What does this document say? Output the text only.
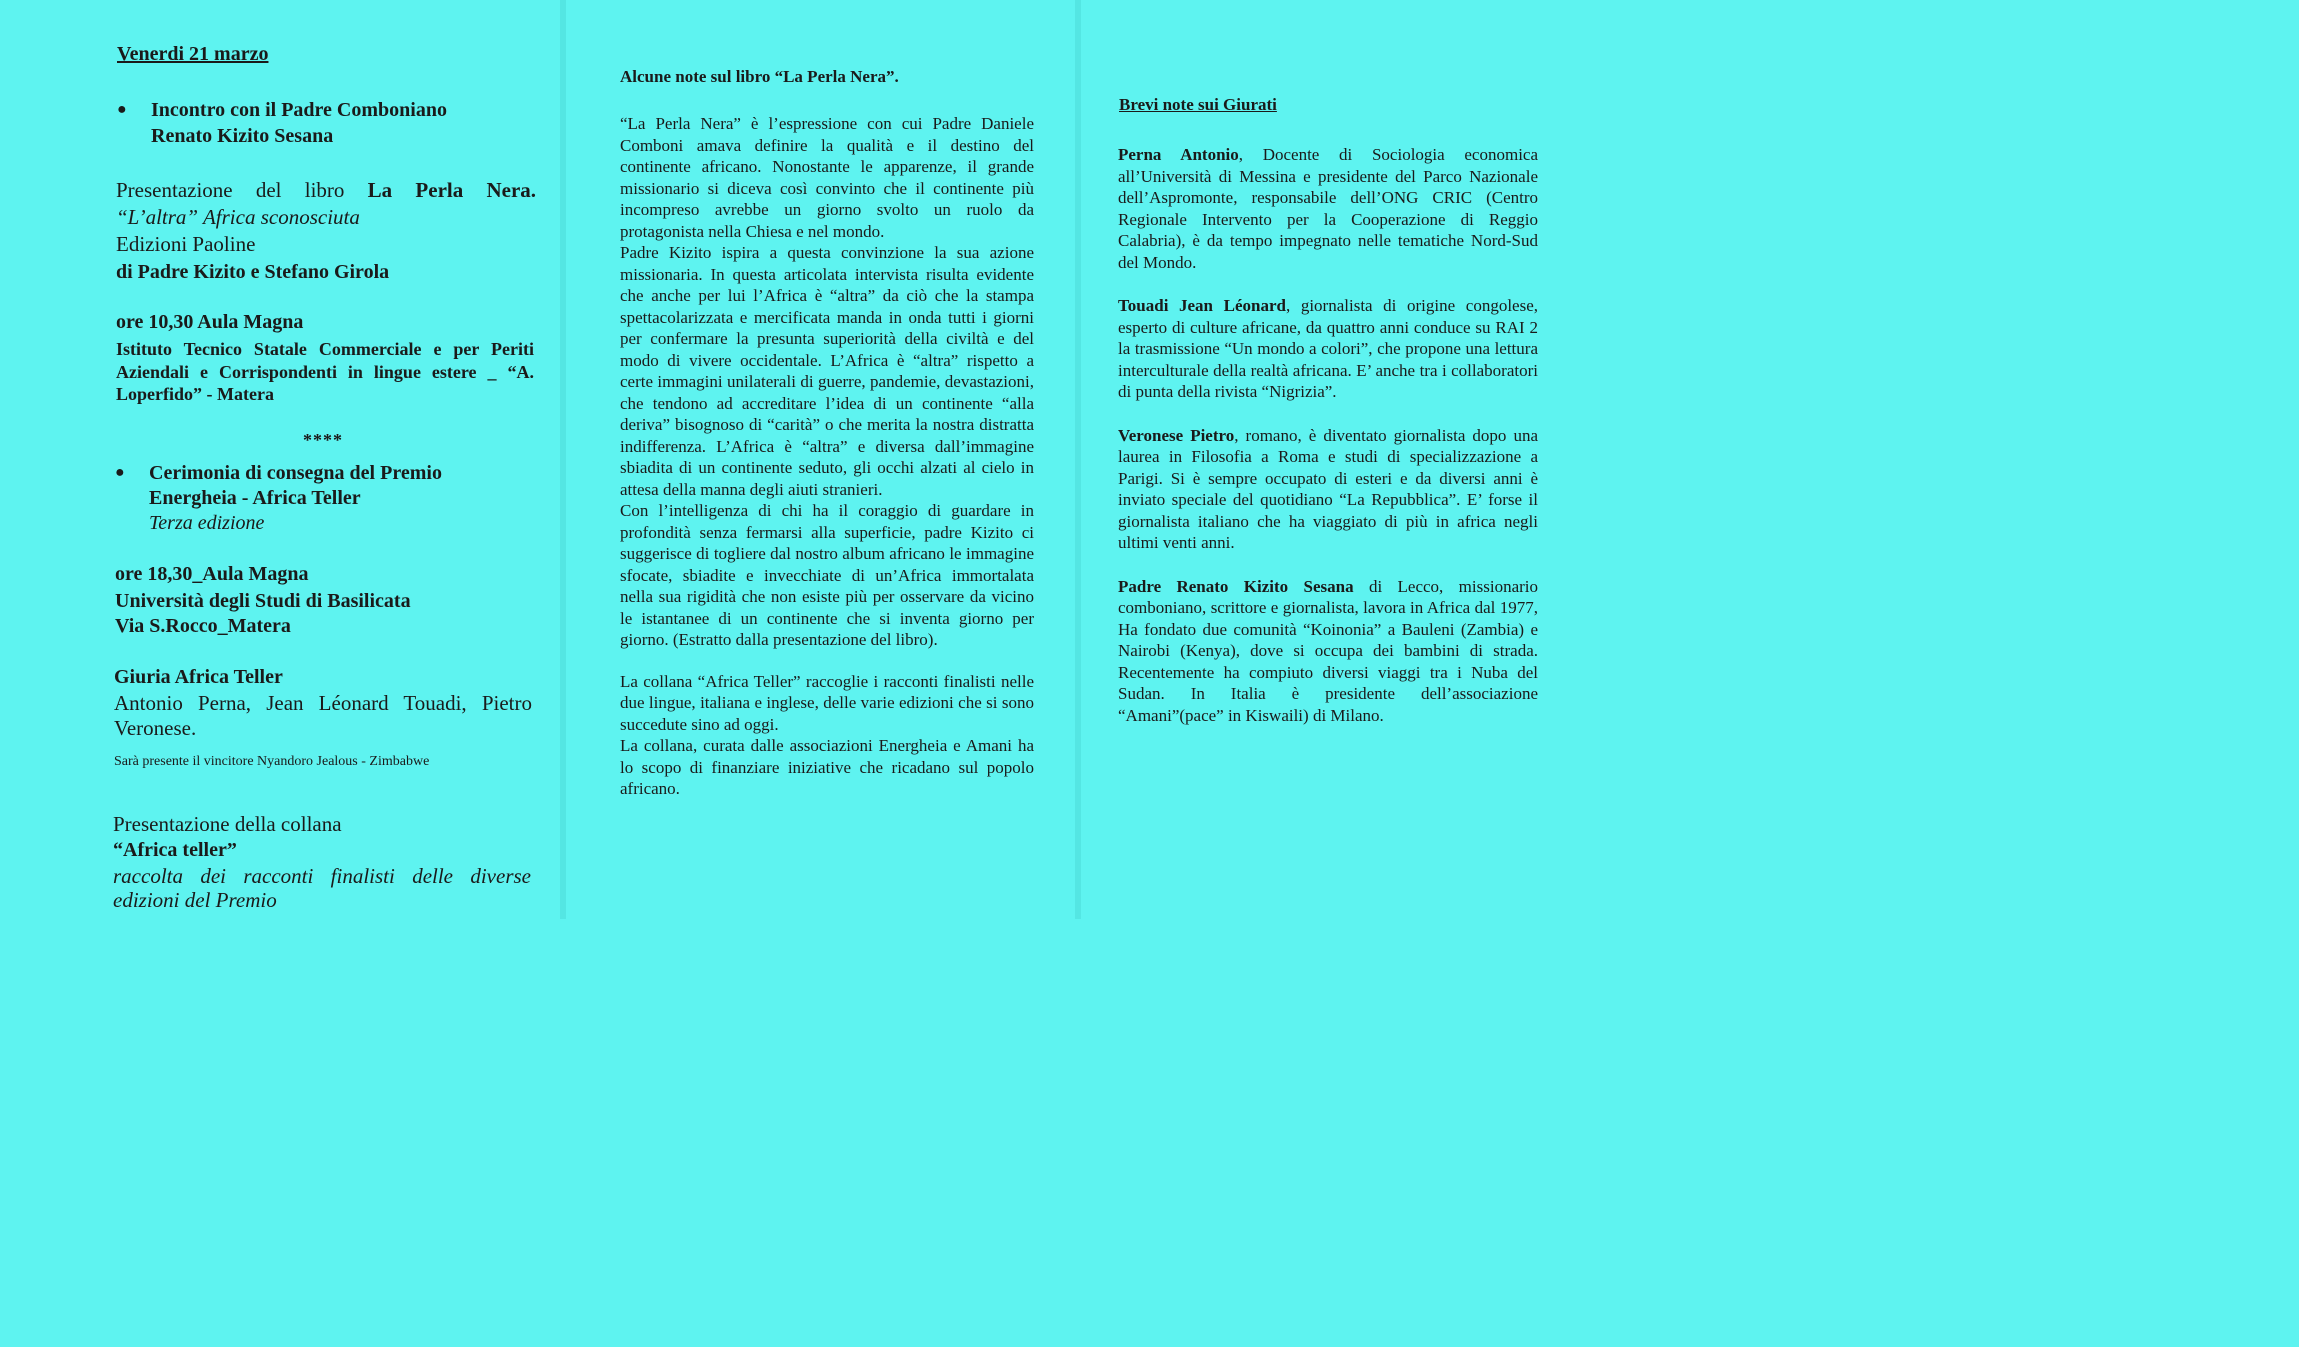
Venerdi 21 marzo

● Incontro con il Padre Comboniano
Renato Kizito Sesana

Presentazione del libro La Perla Nera.

“L’altra” Africa sconosciuta

Edizioni Paoline

di Padre Kizito e Stefano Girola

ore 10,30 Aula Magna

Istituto Tecnico Statale Commerciale e per Periti Aziendali e Corrispondenti in lingue estere _ “A. Loperfido” - Matera

****

● Cerimonia di consegna del Premio
Energheia - Africa Teller
Terza edizione

ore 18,30_Aula Magna

Università degli Studi di Basilicata

Via S.Rocco_Matera

Giuria Africa Teller

Antonio Perna, Jean Léonard Touadi, Pietro Veronese.

Sarà presente il vincitore Nyandoro Jealous - Zimbabwe

Presentazione della collana

“Africa teller”

raccolta dei racconti finalisti delle diverse edizioni del Premio

Alcune note sul libro “La Perla Nera”.

“La Perla Nera” è l’espressione con cui Padre Daniele Comboni amava definire la qualità e il destino del continente africano. Nonostante le apparenze, il grande missionario si diceva così convinto che il continente più incompreso avrebbe un giorno svolto un ruolo da protagonista nella Chiesa e nel mondo.

Padre Kizito ispira a questa convinzione la sua azione missionaria. In questa articolata intervista risulta evidente che anche per lui l’Africa è “altra” da ciò che la stampa spettacolarizzata e mercificata manda in onda tutti i giorni per confermare la presunta superiorità della civiltà e del modo di vivere occidentale. L’Africa è “altra” rispetto a certe immagini unilaterali di guerre, pandemie, devastazioni, che tendono ad accreditare l’idea di un continente “alla deriva” bisognoso di “carità” o che merita la nostra distratta indifferenza. L’Africa è “altra” e diversa dall’immagine sbiadita di un continente seduto, gli occhi alzati al cielo in attesa della manna degli aiuti stranieri.

Con l’intelligenza di chi ha il coraggio di guardare in profondità senza fermarsi alla superficie, padre Kizito ci suggerisce di togliere dal nostro album africano le immagine sfocate, sbiadite e invecchiate di un’Africa immortalata nella sua rigidità che non esiste più per osservare da vicino le istantanee di un continente che si inventa giorno per giorno. (Estratto dalla presentazione del libro).

La collana “Africa Teller” raccoglie i racconti finalisti nelle due lingue, italiana e inglese, delle varie edizioni che si sono succedute sino ad oggi.

La collana, curata dalle associazioni Energheia e Amani ha lo scopo di finanziare iniziative che ricadano sul popolo africano.

Brevi note sui Giurati

Perna Antonio, Docente di Sociologia economica all’Università di Messina e presidente del Parco Nazionale dell’Aspromonte, responsabile dell’ONG CRIC (Centro Regionale Intervento per la Cooperazione di Reggio Calabria), è da tempo impegnato nelle tematiche Nord-Sud del Mondo.

Touadi Jean Léonard, giornalista di origine congolese, esperto di culture africane, da quattro anni conduce su RAI 2 la trasmissione “Un mondo a colori”, che propone una lettura interculturale della realtà africana. E’ anche tra i collaboratori di punta della rivista “Nigrizia”.

Veronese Pietro, romano, è diventato giornalista dopo una laurea in Filosofia a Roma e studi di specializzazione a Parigi. Si è sempre occupato di esteri e da diversi anni è inviato speciale del quotidiano “La Repubblica”. E’ forse il giornalista italiano che ha viaggiato di più in africa negli ultimi venti anni.

Padre Renato Kizito Sesana di Lecco, missionario comboniano, scrittore e giornalista, lavora in Africa dal 1977, Ha fondato due comunità “Koinonia” a Bauleni (Zambia) e Nairobi (Kenya), dove si occupa dei bambini di strada. Recentemente ha compiuto diversi viaggi tra i Nuba del Sudan. In Italia è presidente dell’associazione “Amani”(pace” in Kiswaili) di Milano.
